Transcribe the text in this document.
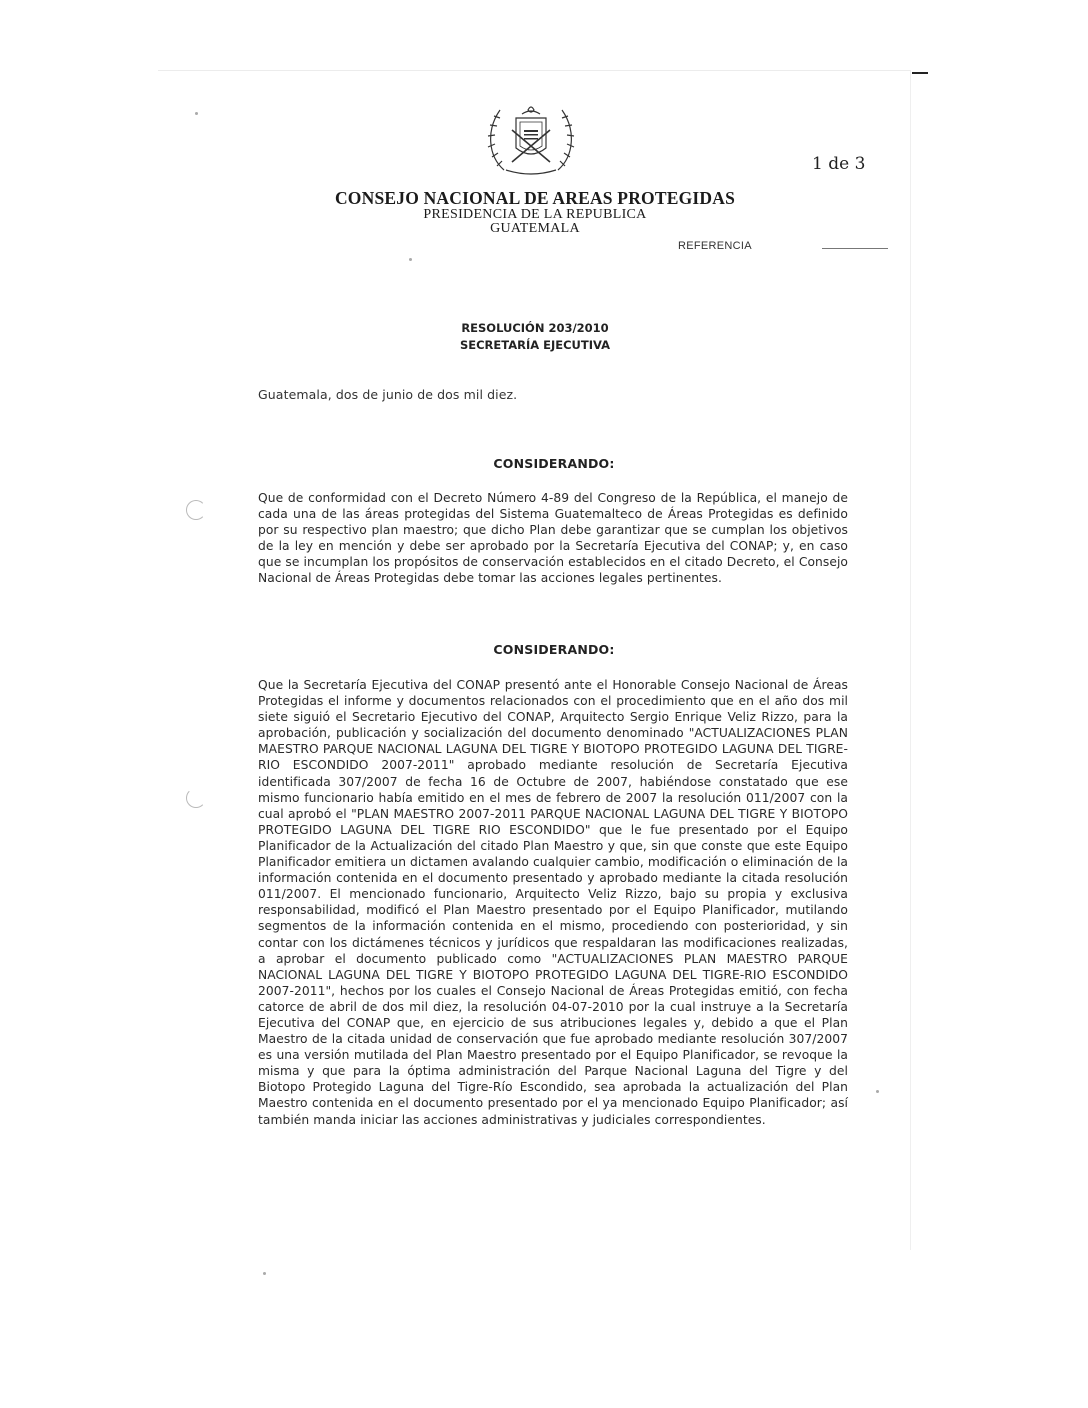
1 de 3
CONSEJO NACIONAL DE AREAS PROTEGIDAS
PRESIDENCIA DE LA REPUBLICA
GUATEMALA
REFERENCIA
RESOLUCIÓN 203/2010
SECRETARÍA EJECUTIVA
Guatemala, dos de junio de dos mil diez.
CONSIDERANDO:
Que de conformidad con el Decreto Número 4-89 del Congreso de la República, el manejo de cada una de las áreas protegidas del Sistema Guatemalteco de Áreas Protegidas es definido por su respectivo plan maestro; que dicho Plan debe garantizar que se cumplan los objetivos de la ley en mención y debe ser aprobado por la Secretaría Ejecutiva del CONAP; y, en caso que se incumplan los propósitos de conservación establecidos en el citado Decreto, el Consejo Nacional de Áreas Protegidas debe tomar las acciones legales pertinentes.
CONSIDERANDO:
Que la Secretaría Ejecutiva del CONAP presentó ante el Honorable Consejo Nacional de Áreas Protegidas el informe y documentos relacionados con el procedimiento que en el año dos mil siete siguió el Secretario Ejecutivo del CONAP, Arquitecto Sergio Enrique Veliz Rizzo, para la aprobación, publicación y socialización del documento denominado "ACTUALIZACIONES PLAN MAESTRO PARQUE NACIONAL LAGUNA DEL TIGRE Y BIOTOPO PROTEGIDO LAGUNA DEL TIGRE-RIO ESCONDIDO 2007-2011" aprobado mediante resolución de Secretaría Ejecutiva identificada 307/2007 de fecha 16 de Octubre de 2007, habiéndose constatado que ese mismo funcionario había emitido en el mes de febrero de 2007 la resolución 011/2007 con la cual aprobó el "PLAN MAESTRO 2007-2011 PARQUE NACIONAL LAGUNA DEL TIGRE Y BIOTOPO PROTEGIDO LAGUNA DEL TIGRE RIO ESCONDIDO" que le fue presentado por el Equipo Planificador de la Actualización del citado Plan Maestro y que, sin que conste que este Equipo Planificador emitiera un dictamen avalando cualquier cambio, modificación o eliminación de la información contenida en el documento presentado y aprobado mediante la citada resolución 011/2007. El mencionado funcionario, Arquitecto Veliz Rizzo, bajo su propia y exclusiva responsabilidad, modificó el Plan Maestro presentado por el Equipo Planificador, mutilando segmentos de la información contenida en el mismo, procediendo con posterioridad, y sin contar con los dictámenes técnicos y jurídicos que respaldaran las modificaciones realizadas, a aprobar el documento publicado como "ACTUALIZACIONES PLAN MAESTRO PARQUE NACIONAL LAGUNA DEL TIGRE Y BIOTOPO PROTEGIDO LAGUNA DEL TIGRE-RIO ESCONDIDO 2007-2011", hechos por los cuales el Consejo Nacional de Áreas Protegidas emitió, con fecha catorce de abril de dos mil diez, la resolución 04-07-2010 por la cual instruye a la Secretaría Ejecutiva del CONAP que, en ejercicio de sus atribuciones legales y, debido a que el Plan Maestro de la citada unidad de conservación que fue aprobado mediante resolución 307/2007 es una versión mutilada del Plan Maestro presentado por el Equipo Planificador, se revoque la misma y que para la óptima administración del Parque Nacional Laguna del Tigre y del Biotopo Protegido Laguna del Tigre-Río Escondido, sea aprobada la actualización del Plan Maestro contenida en el documento presentado por el ya mencionado Equipo Planificador; así también manda iniciar las acciones administrativas y judiciales correspondientes.
